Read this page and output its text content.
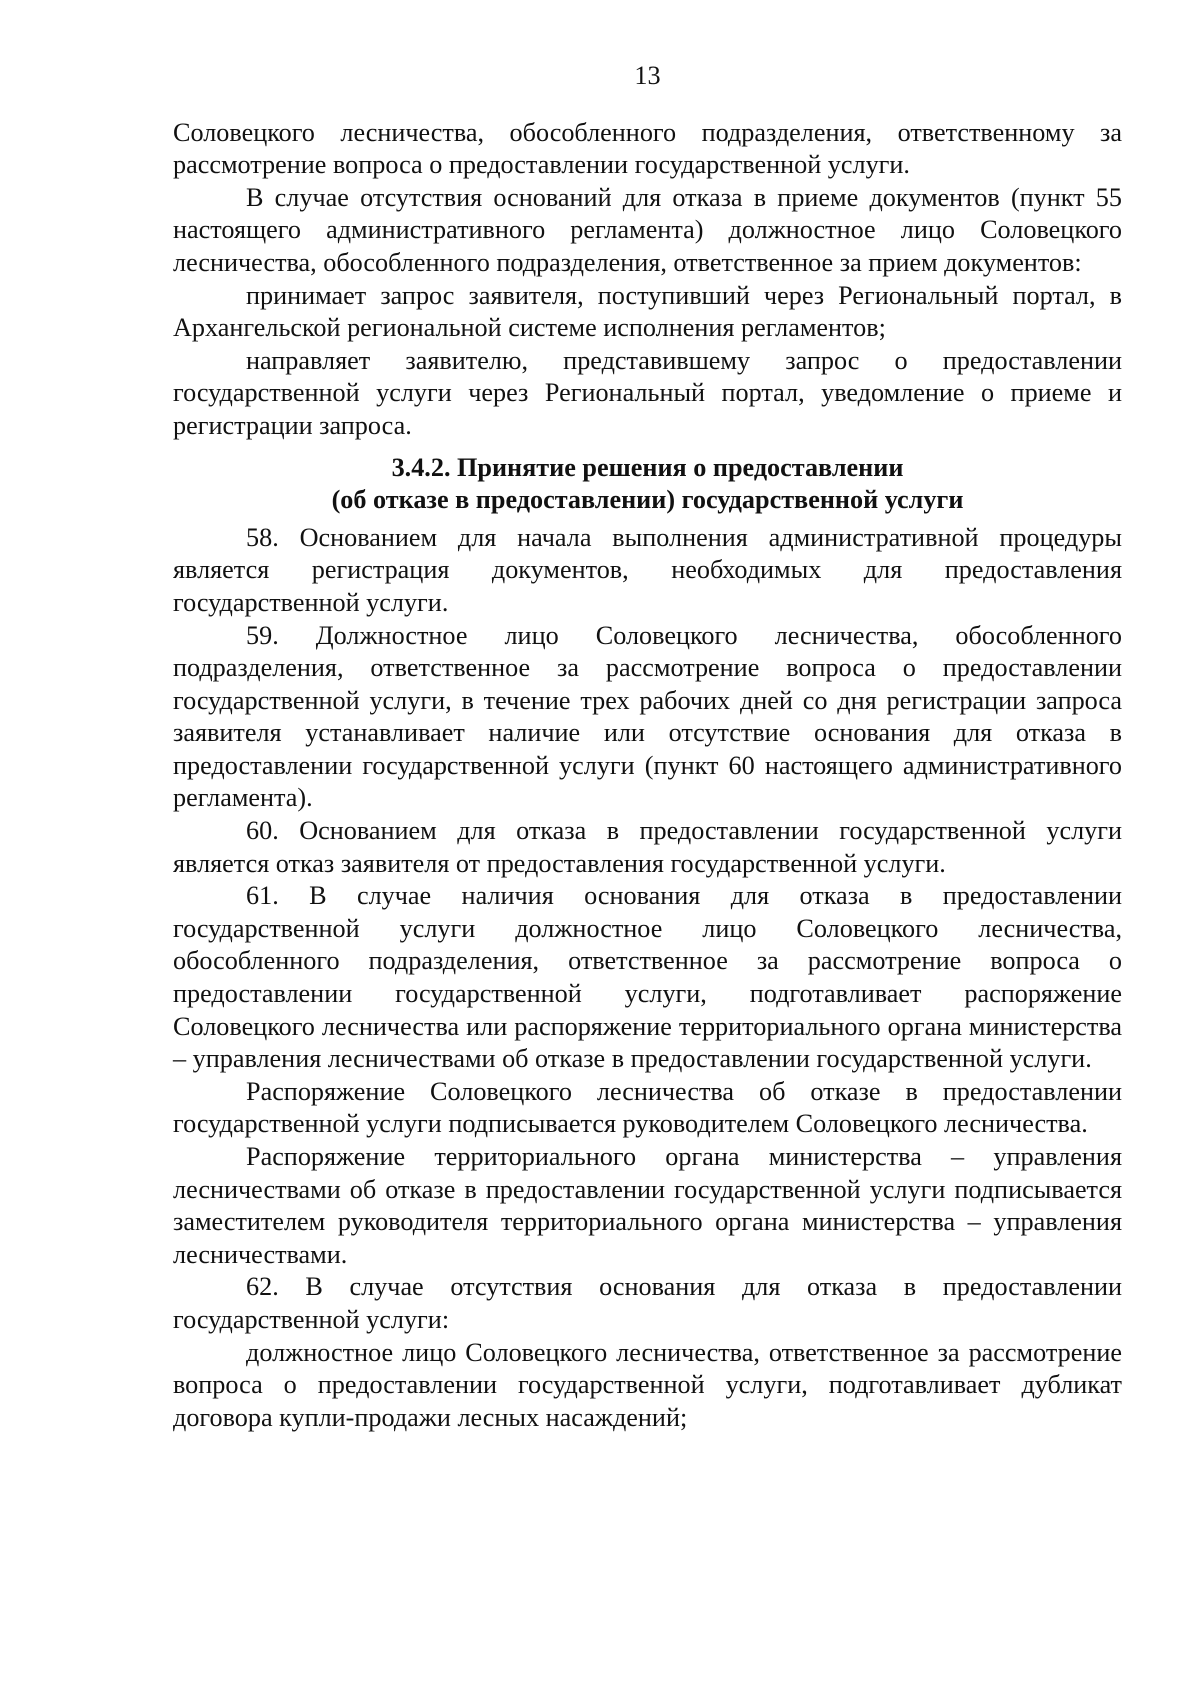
13

Соловецкого лесничества, обособленного подразделения, ответственному за рассмотрение вопроса о предоставлении государственной услуги.

В случае отсутствия оснований для отказа в приеме документов (пункт 55 настоящего административного регламента) должностное лицо Соловецкого лесничества, обособленного подразделения, ответственное за прием документов:

принимает запрос заявителя, поступивший через Региональный портал, в Архангельской региональной системе исполнения регламентов;

направляет заявителю, представившему запрос о предоставлении государственной услуги через Региональный портал, уведомление о приеме и регистрации запроса.

3.4.2. Принятие решения о предоставлении
(об отказе в предоставлении) государственной услуги

58. Основанием для начала выполнения административной процедуры является регистрация документов, необходимых для предоставления государственной услуги.

59. Должностное лицо Соловецкого лесничества, обособленного подразделения, ответственное за рассмотрение вопроса о предоставлении государственной услуги, в течение трех рабочих дней со дня регистрации запроса заявителя устанавливает наличие или отсутствие основания для отказа в предоставлении государственной услуги (пункт 60 настоящего административного регламента).

60. Основанием для отказа в предоставлении государственной услуги является отказ заявителя от предоставления государственной услуги.

61. В случае наличия основания для отказа в предоставлении государственной услуги должностное лицо Соловецкого лесничества, обособленного подразделения, ответственное за рассмотрение вопроса о предоставлении государственной услуги, подготавливает распоряжение Соловецкого лесничества или распоряжение территориального органа министерства – управления лесничествами об отказе в предоставлении государственной услуги.

Распоряжение Соловецкого лесничества об отказе в предоставлении государственной услуги подписывается руководителем Соловецкого лесничества.

Распоряжение территориального органа министерства – управления лесничествами об отказе в предоставлении государственной услуги подписывается заместителем руководителя территориального органа министерства – управления лесничествами.

62. В случае отсутствия основания для отказа в предоставлении государственной услуги:

должностное лицо Соловецкого лесничества, ответственное за рассмотрение вопроса о предоставлении государственной услуги, подготавливает дубликат договора купли-продажи лесных насаждений;
